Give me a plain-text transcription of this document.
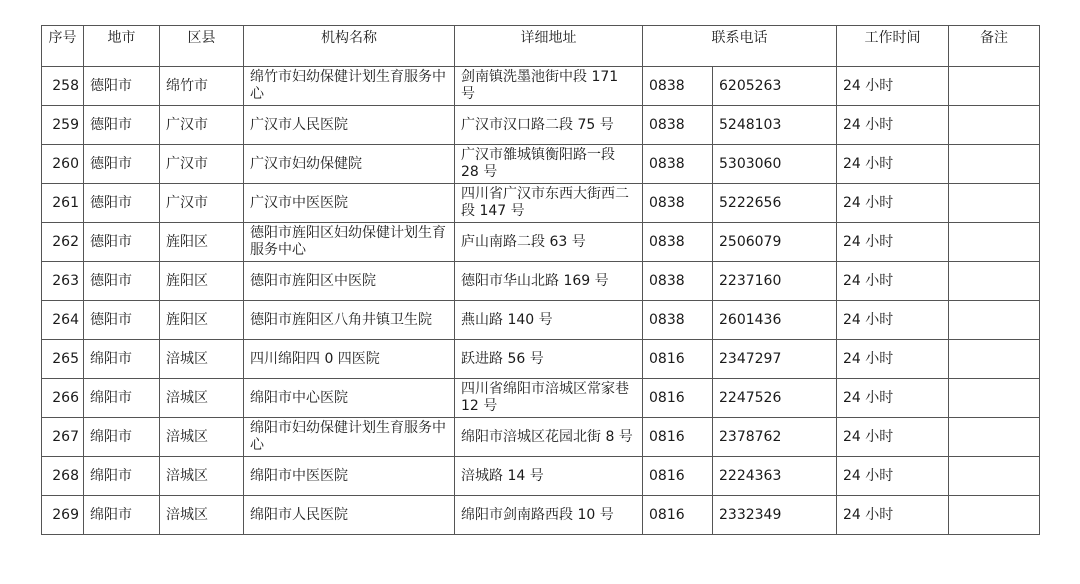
序号	地市	区县	机构名称	详细地址	联系电话		工作时间	备注
258	德阳市	绵竹市	绵竹市妇幼保健计划生育服务中心	剑南镇洗墨池街中段 171 号	0838	6205263	24 小时	
259	德阳市	广汉市	广汉市人民医院	广汉市汉口路二段 75 号	0838	5248103	24 小时	
260	德阳市	广汉市	广汉市妇幼保健院	广汉市雒城镇衡阳路一段 28 号	0838	5303060	24 小时	
261	德阳市	广汉市	广汉市中医医院	四川省广汉市东西大街西二段 147 号	0838	5222656	24 小时	
262	德阳市	旌阳区	德阳市旌阳区妇幼保健计划生育服务中心	庐山南路二段 63 号	0838	2506079	24 小时	
263	德阳市	旌阳区	德阳市旌阳区中医院	德阳市华山北路 169 号	0838	2237160	24 小时	
264	德阳市	旌阳区	德阳市旌阳区八角井镇卫生院	燕山路 140 号	0838	2601436	24 小时	
265	绵阳市	涪城区	四川绵阳四 0 四医院	跃进路 56 号	0816	2347297	24 小时	
266	绵阳市	涪城区	绵阳市中心医院	四川省绵阳市涪城区常家巷 12 号	0816	2247526	24 小时	
267	绵阳市	涪城区	绵阳市妇幼保健计划生育服务中心	绵阳市涪城区花园北街 8 号	0816	2378762	24 小时	
268	绵阳市	涪城区	绵阳市中医医院	涪城路 14 号	0816	2224363	24 小时	
269	绵阳市	涪城区	绵阳市人民医院	绵阳市剑南路西段 10 号	0816	2332349	24 小时	
